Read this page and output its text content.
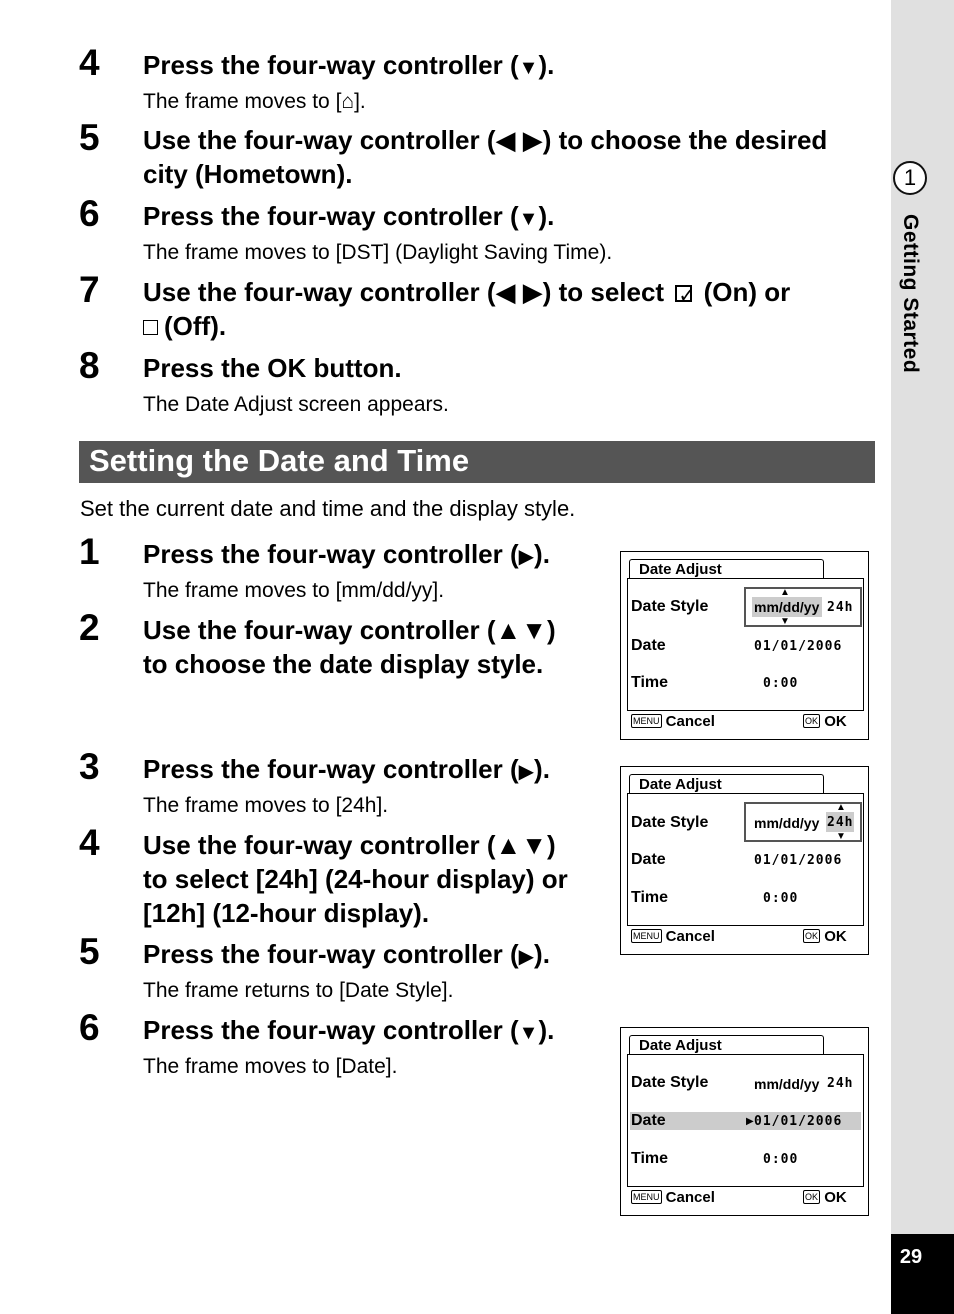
1
Getting Started
29
4 Press the four-way controller (▼).
The frame moves to [⌂].
5 Use the four-way controller (◀ ▶) to choose the desired
city (Hometown).
6 Press the four-way controller (▼).
The frame moves to [DST] (Daylight Saving Time).
7 Use the four-way controller (◀ ▶) to select ✓ (On) or
(Off).
8 Press the OK button.
The Date Adjust screen appears.
Setting the Date and Time
Set the current date and time and the display style.
1 Press the four-way controller (▶).
The frame moves to [mm/dd/yy].
2 Use the four-way controller (▲▼)
to choose the date display style.
3 Press the four-way controller (▶).
The frame moves to [24h].
4 Use the four-way controller (▲▼)
to select [24h] (24-hour display) or
[12h] (12-hour display).
5 Press the four-way controller (▶).
The frame returns to [Date Style].
6 Press the four-way controller (▼).
The frame moves to [Date].
Date Adjust
▲
▼
Date Style	mm/dd/yy 24h
Date	01/01/2006
Time	0:00
MENU Cancel	OK OK
Date Adjust
▲
▼
Date Style	mm/dd/yy 24h
Date	01/01/2006
Time	0:00
MENU Cancel	OK OK
Date Adjust
Date Style	mm/dd/yy 24h
Date	▶ 01/01/2006
Time	0:00
MENU Cancel	OK OK
